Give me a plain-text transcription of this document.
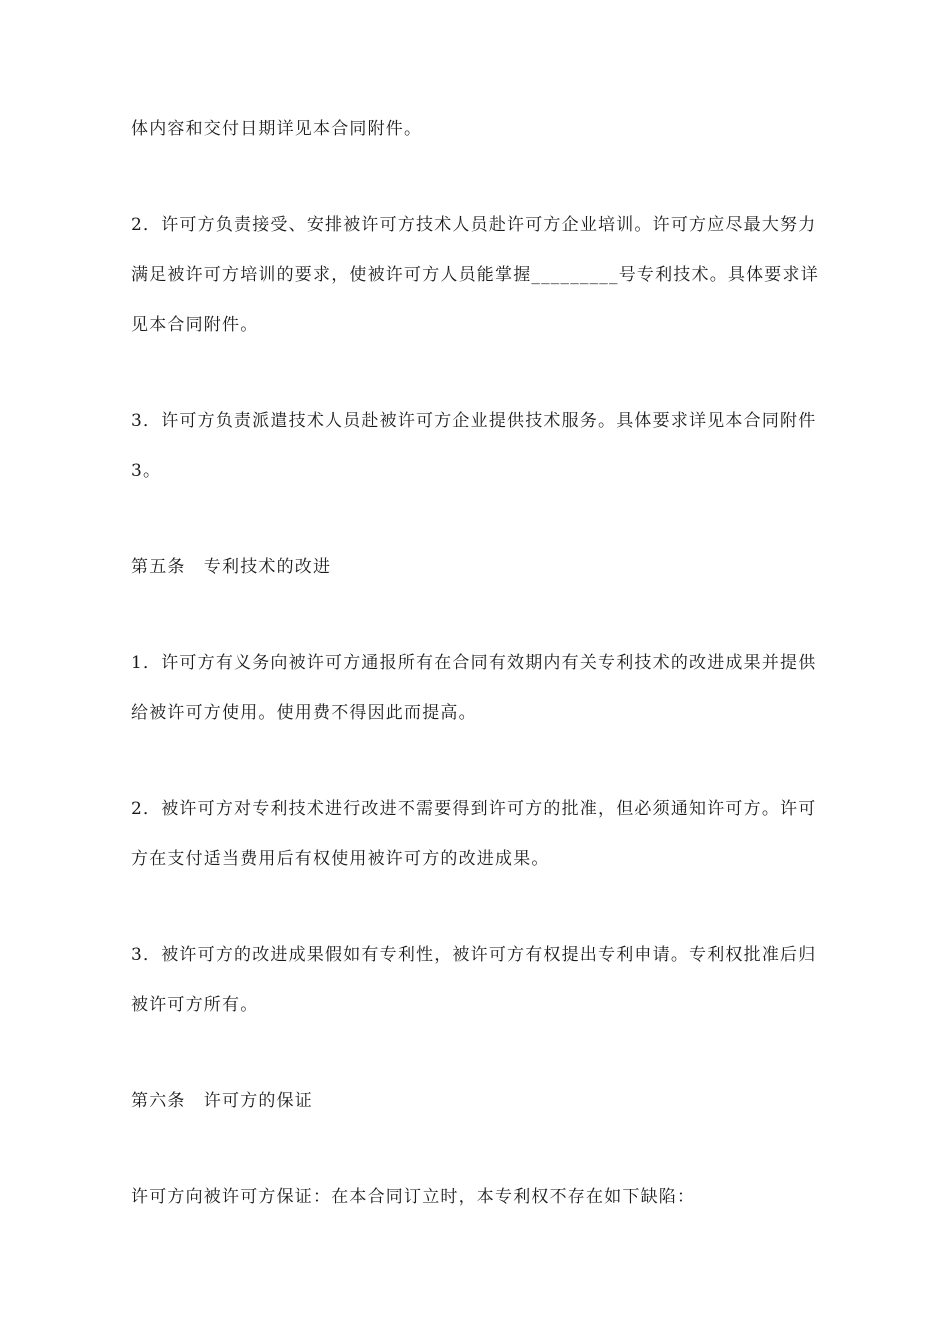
体内容和交付日期详见本合同附件。

2．许可方负责接受、安排被许可方技术人员赴许可方企业培训。许可方应尽最大努力满足被许可方培训的要求，使被许可方人员能掌握_________号专利技术。具体要求详见本合同附件。

3．许可方负责派遣技术人员赴被许可方企业提供技术服务。具体要求详见本合同附件3。

第五条　专利技术的改进

1．许可方有义务向被许可方通报所有在合同有效期内有关专利技术的改进成果并提供给被许可方使用。使用费不得因此而提高。

2．被许可方对专利技术进行改进不需要得到许可方的批准，但必须通知许可方。许可方在支付适当费用后有权使用被许可方的改进成果。

3．被许可方的改进成果假如有专利性，被许可方有权提出专利申请。专利权批准后归被许可方所有。

第六条　许可方的保证

许可方向被许可方保证：在本合同订立时，本专利权不存在如下缺陷：
